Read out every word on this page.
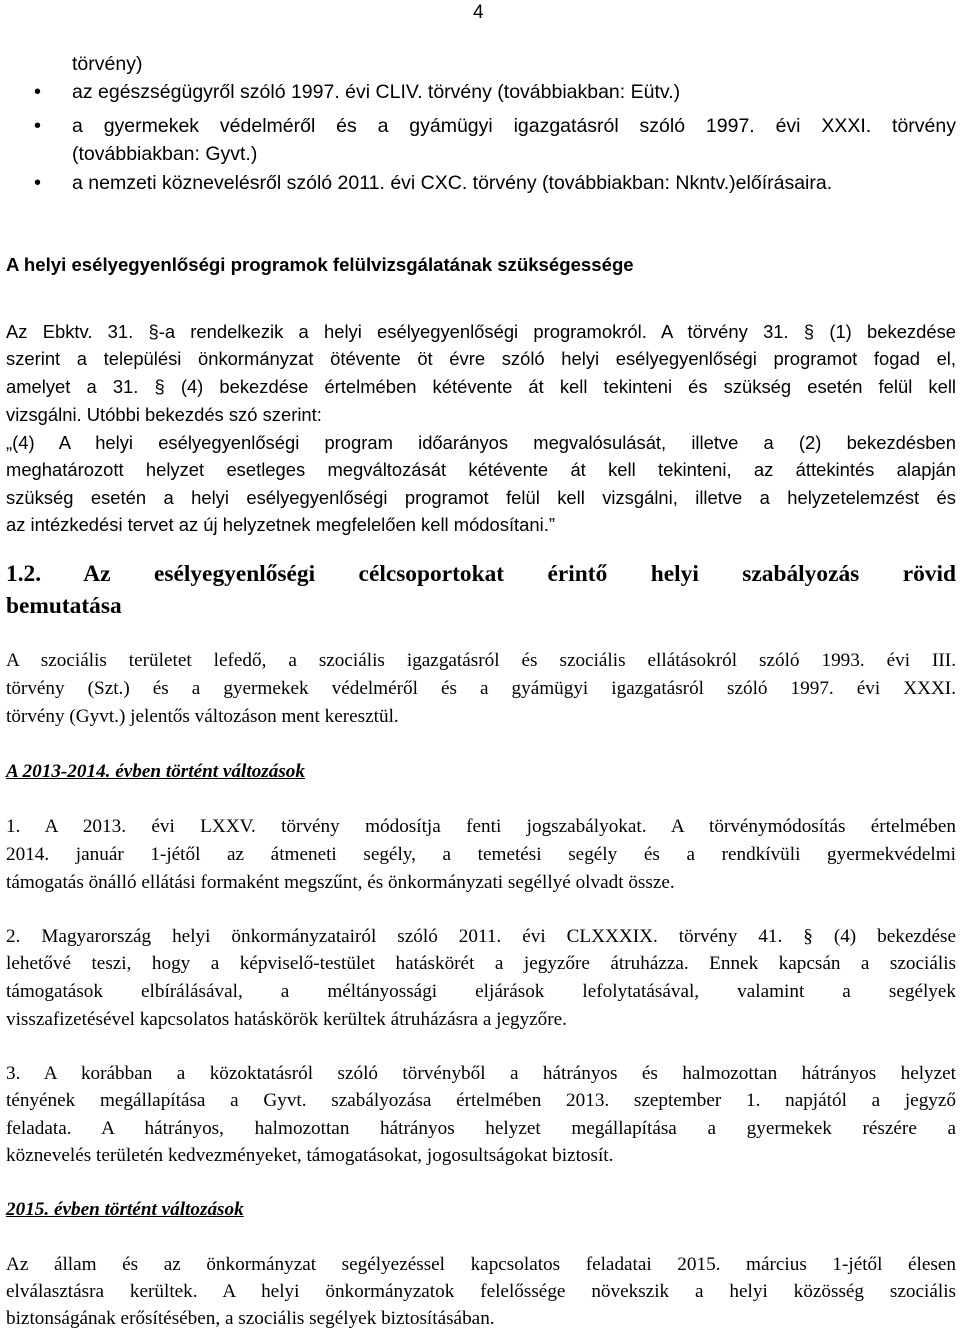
4
törvény)
• az egészségügyről szóló 1997. évi CLIV. törvény (továbbiakban: Eütv.)
• a gyermekek védelméről és a gyámügyi igazgatásról szóló 1997. évi XXXI. törvény
(továbbiakban: Gyvt.)
• a nemzeti köznevelésről szóló 2011. évi CXC. törvény (továbbiakban: Nkntv.)előírásaira.
A helyi esélyegyenlőségi programok felülvizsgálatának szükségessége
Az Ebktv. 31. §-a rendelkezik a helyi esélyegyenlőségi programokról. A törvény 31. § (1) bekezdése
szerint a települési önkormányzat ötévente öt évre szóló helyi esélyegyenlőségi programot fogad el,
amelyet a 31. § (4) bekezdése értelmében kétévente át kell tekinteni és szükség esetén felül kell
vizsgálni. Utóbbi bekezdés szó szerint:
„(4) A helyi esélyegyenlőségi program időarányos megvalósulását, illetve a (2) bekezdésben
meghatározott helyzet esetleges megváltozását kétévente át kell tekinteni, az áttekintés alapján
szükség esetén a helyi esélyegyenlőségi programot felül kell vizsgálni, illetve a helyzetelemzést és
az intézkedési tervet az új helyzetnek megfelelően kell módosítani.”
1.2. Az esélyegyenlőségi célcsoportokat érintő helyi szabályozás rövid
bemutatása
A szociális területet lefedő, a szociális igazgatásról és szociális ellátásokról szóló 1993. évi III.
törvény (Szt.) és a gyermekek védelméről és a gyámügyi igazgatásról szóló 1997. évi XXXI.
törvény (Gyvt.) jelentős változáson ment keresztül.
A 2013-2014. évben történt változások
1. A 2013. évi LXXV. törvény módosítja fenti jogszabályokat. A törvénymódosítás értelmében
2014. január 1-jétől az átmeneti segély, a temetési segély és a rendkívüli gyermekvédelmi
támogatás önálló ellátási formaként megszűnt, és önkormányzati segéllyé olvadt össze.
2. Magyarország helyi önkormányzatairól szóló 2011. évi CLXXXIX. törvény 41. § (4) bekezdése
lehetővé teszi, hogy a képviselő-testület hatáskörét a jegyzőre átruházza. Ennek kapcsán a szociális
támogatások elbírálásával, a méltányossági eljárások lefolytatásával, valamint a segélyek
visszafizetésével kapcsolatos hatáskörök kerültek átruházásra a jegyzőre.
3. A korábban a közoktatásról szóló törvényből a hátrányos és halmozottan hátrányos helyzet
tényének megállapítása a Gyvt. szabályozása értelmében 2013. szeptember 1. napjától a jegyző
feladata. A hátrányos, halmozottan hátrányos helyzet megállapítása a gyermekek részére a
köznevelés területén kedvezményeket, támogatásokat, jogosultságokat biztosít.
2015. évben történt változások
Az állam és az önkormányzat segélyezéssel kapcsolatos feladatai 2015. március 1-jétől élesen
elválasztásra kerültek. A helyi önkormányzatok felelőssége növekszik a helyi közösség szociális
biztonságának erősítésében, a szociális segélyek biztosításában.
